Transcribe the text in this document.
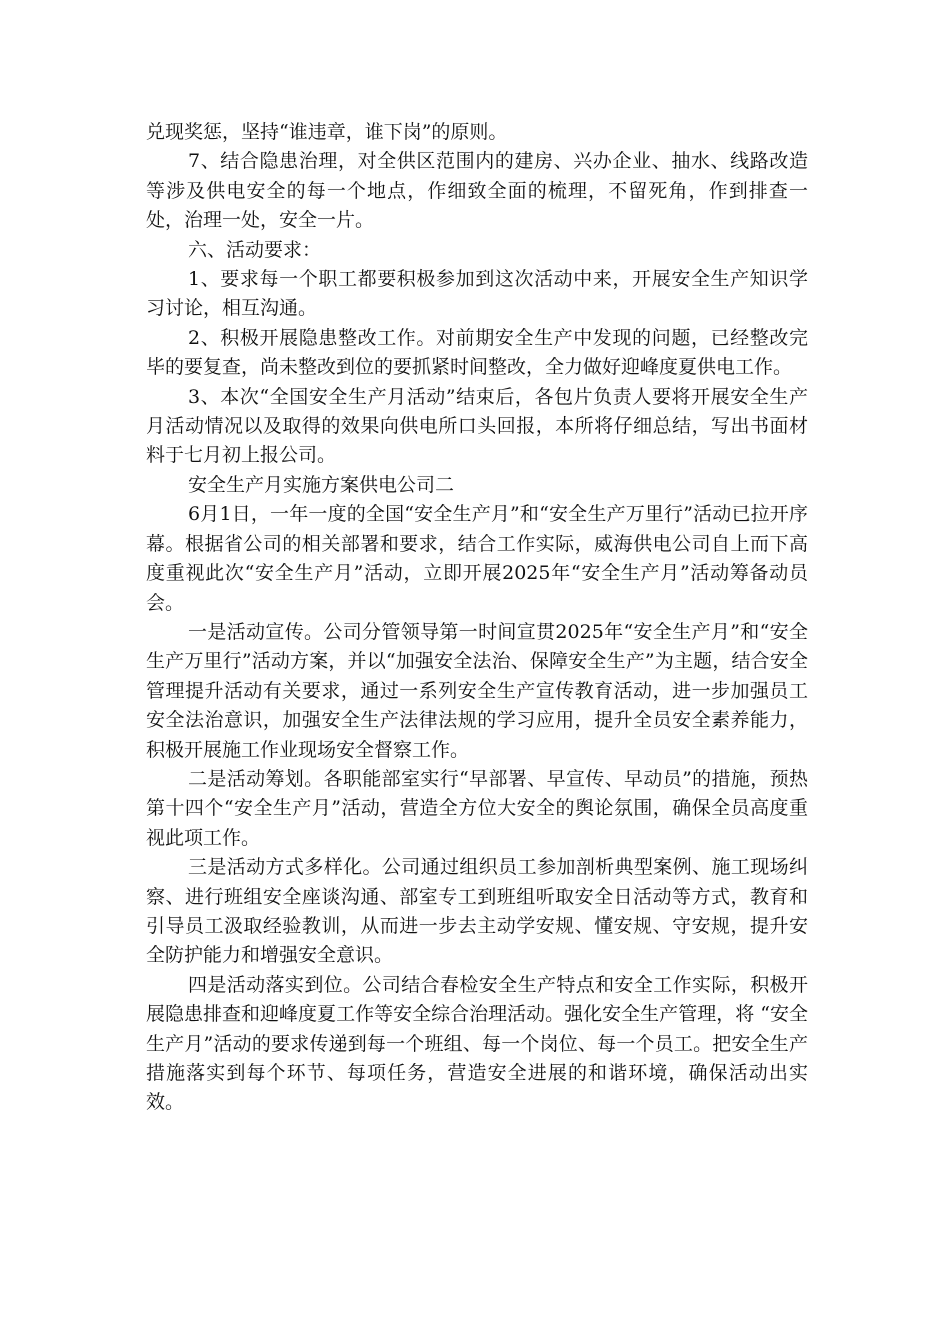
兑现奖惩，坚持“谁违章，谁下岗”的原则。

7、结合隐患治理，对全供区范围内的建房、兴办企业、抽水、线路改造等涉及供电安全的每一个地点，作细致全面的梳理，不留死角，作到排查一处，治理一处，安全一片。

六、活动要求：

1、要求每一个职工都要积极参加到这次活动中来，开展安全生产知识学习讨论，相互沟通。

2、积极开展隐患整改工作。对前期安全生产中发现的问题，已经整改完毕的要复查，尚未整改到位的要抓紧时间整改，全力做好迎峰度夏供电工作。

3、本次“全国安全生产月活动”结束后，各包片负责人要将开展安全生产月活动情况以及取得的效果向供电所口头回报，本所将仔细总结，写出书面材料于七月初上报公司。

安全生产月实施方案供电公司二

6月1日，一年一度的全国“安全生产月”和“安全生产万里行”活动已拉开序幕。根据省公司的相关部署和要求，结合工作实际，威海供电公司自上而下高度重视此次“安全生产月”活动，立即开展2025年“安全生产月”活动筹备动员会。

一是活动宣传。公司分管领导第一时间宣贯2025年“安全生产月”和“安全生产万里行”活动方案，并以“加强安全法治、保障安全生产”为主题，结合安全管理提升活动有关要求，通过一系列安全生产宣传教育活动，进一步加强员工安全法治意识，加强安全生产法律法规的学习应用，提升全员安全素养能力，积极开展施工作业现场安全督察工作。

二是活动筹划。各职能部室实行“早部署、早宣传、早动员”的措施，预热第十四个“安全生产月”活动，营造全方位大安全的舆论氛围，确保全员高度重视此项工作。

三是活动方式多样化。公司通过组织员工参加剖析典型案例、施工现场纠察、进行班组安全座谈沟通、部室专工到班组听取安全日活动等方式，教育和引导员工汲取经验教训，从而进一步去主动学安规、懂安规、守安规，提升安全防护能力和增强安全意识。

四是活动落实到位。公司结合春检安全生产特点和安全工作实际，积极开展隐患排查和迎峰度夏工作等安全综合治理活动。强化安全生产管理，将 “安全生产月”活动的要求传递到每一个班组、每一个岗位、每一个员工。把安全生产措施落实到每个环节、每项任务，营造安全进展的和谐环境，确保活动出实效。
